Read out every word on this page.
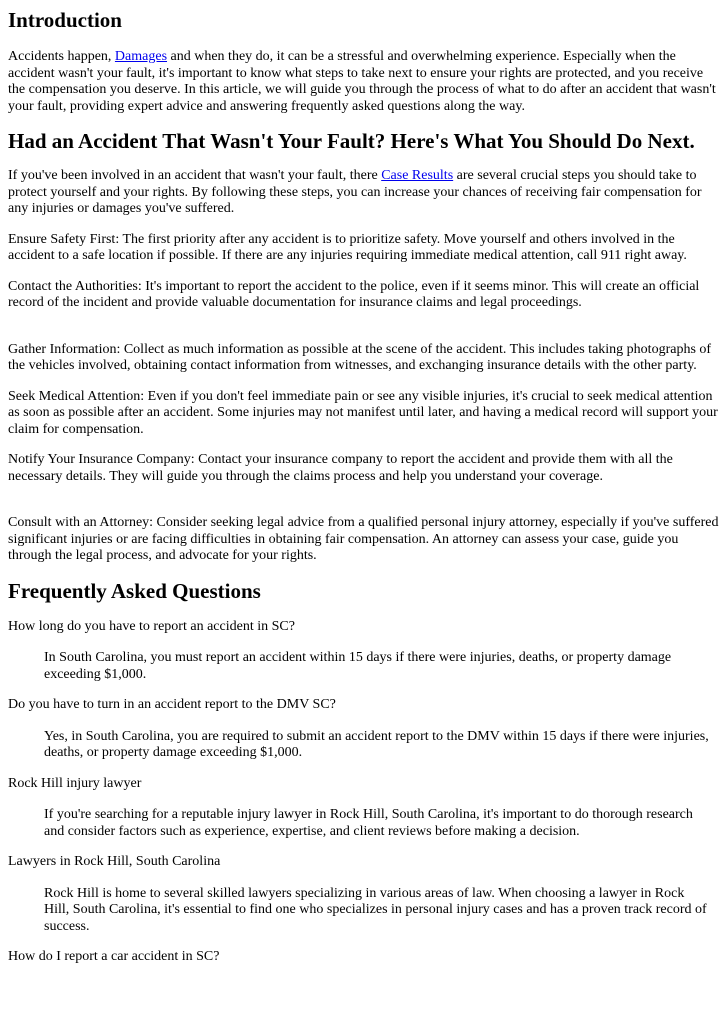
Introduction

Accidents happen, Damages and when they do, it can be a stressful and overwhelming experience. Especially when the accident wasn't your fault, it's important to know what steps to take next to ensure your rights are protected, and you receive the compensation you deserve. In this article, we will guide you through the process of what to do after an accident that wasn't your fault, providing expert advice and answering frequently asked questions along the way.

Had an Accident That Wasn't Your Fault? Here's What You Should Do Next.

If you've been involved in an accident that wasn't your fault, there Case Results are several crucial steps you should take to protect yourself and your rights. By following these steps, you can increase your chances of receiving fair compensation for any injuries or damages you've suffered.

Ensure Safety First: The first priority after any accident is to prioritize safety. Move yourself and others involved in the accident to a safe location if possible. If there are any injuries requiring immediate medical attention, call 911 right away.

Contact the Authorities: It's important to report the accident to the police, even if it seems minor. This will create an official record of the incident and provide valuable documentation for insurance claims and legal proceedings.

Gather Information: Collect as much information as possible at the scene of the accident. This includes taking photographs of the vehicles involved, obtaining contact information from witnesses, and exchanging insurance details with the other party.

Seek Medical Attention: Even if you don't feel immediate pain or see any visible injuries, it's crucial to seek medical attention as soon as possible after an accident. Some injuries may not manifest until later, and having a medical record will support your claim for compensation.

Notify Your Insurance Company: Contact your insurance company to report the accident and provide them with all the necessary details. They will guide you through the claims process and help you understand your coverage.

Consult with an Attorney: Consider seeking legal advice from a qualified personal injury attorney, especially if you've suffered significant injuries or are facing difficulties in obtaining fair compensation. An attorney can assess your case, guide you through the legal process, and advocate for your rights.

Frequently Asked Questions

How long do you have to report an accident in SC?

In South Carolina, you must report an accident within 15 days if there were injuries, deaths, or property damage exceeding $1,000.

Do you have to turn in an accident report to the DMV SC?

Yes, in South Carolina, you are required to submit an accident report to the DMV within 15 days if there were injuries, deaths, or property damage exceeding $1,000.

Rock Hill injury lawyer

If you're searching for a reputable injury lawyer in Rock Hill, South Carolina, it's important to do thorough research and consider factors such as experience, expertise, and client reviews before making a decision.

Lawyers in Rock Hill, South Carolina

Rock Hill is home to several skilled lawyers specializing in various areas of law. When choosing a lawyer in Rock Hill, South Carolina, it's essential to find one who specializes in personal injury cases and has a proven track record of success.

How do I report a car accident in SC?
